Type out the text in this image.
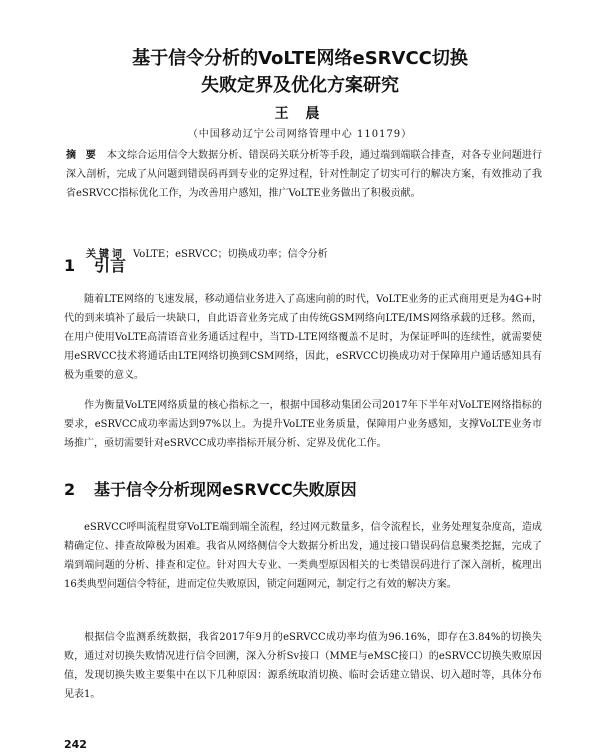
基于信令分析的VoLTE网络eSRVCC切换
失败定界及优化方案研究
王 晨
（中国移动辽宁公司网络管理中心 110179）
摘 要 本文综合运用信令大数据分析、错误码关联分析等手段，通过端到端联合排查，对各专业问题进行深入剖析，完成了从问题到错误码再到专业的定界过程，针对性制定了切实可行的解决方案，有效推动了我省eSRVCC指标优化工作，为改善用户感知，推广VoLTE业务做出了积极贡献。
关键词 VoLTE；eSRVCC；切换成功率；信令分析
1 引言
随着LTE网络的飞速发展，移动通信业务进入了高速向前的时代，VoLTE业务的正式商用更是为4G+时代的到来填补了最后一块缺口，自此语音业务完成了由传统GSM网络向LTE/IMS网络承载的迁移。然而，在用户使用VoLTE高清语音业务通话过程中，当TD-LTE网络覆盖不足时，为保证呼叫的连续性，就需要使用eSRVCC技术将通话由LTE网络切换到CSM网络，因此，eSRVCC切换成功对于保障用户通话感知具有极为重要的意义。
作为衡量VoLTE网络质量的核心指标之一，根据中国移动集团公司2017年下半年对VoLTE网络指标的要求，eSRVCC成功率需达到97%以上。为提升VoLTE业务质量，保障用户业务感知，支撑VoLTE业务市场推广，亟切需要针对eSRVCC成功率指标开展分析、定界及优化工作。
2 基于信令分析现网eSRVCC失败原因
eSRVCC呼叫流程贯穿VoLTE端到端全流程，经过网元数量多，信令流程长，业务处理复杂度高，造成精确定位、排查故障极为困难。我省从网络侧信令大数据分析出发，通过接口错误码信息聚类挖掘，完成了端到端问题的分析、排查和定位。针对四大专业、一类典型原因相关的七类错误码进行了深入剖析，梳理出16类典型问题信令特征，进而定位失败原因，锁定问题网元，制定行之有效的解决方案。
根据信令监测系统数据，我省2017年9月的eSRVCC成功率均值为96.16%，即存在3.84%的切换失败，通过对切换失败情况进行信令回溯，深入分析Sv接口（MME与eMSC接口）的eSRVCC切换失败原因值，发现切换失败主要集中在以下几种原因：源系统取消切换、临时会话建立错误、切入超时等，具体分布见表1。
242
